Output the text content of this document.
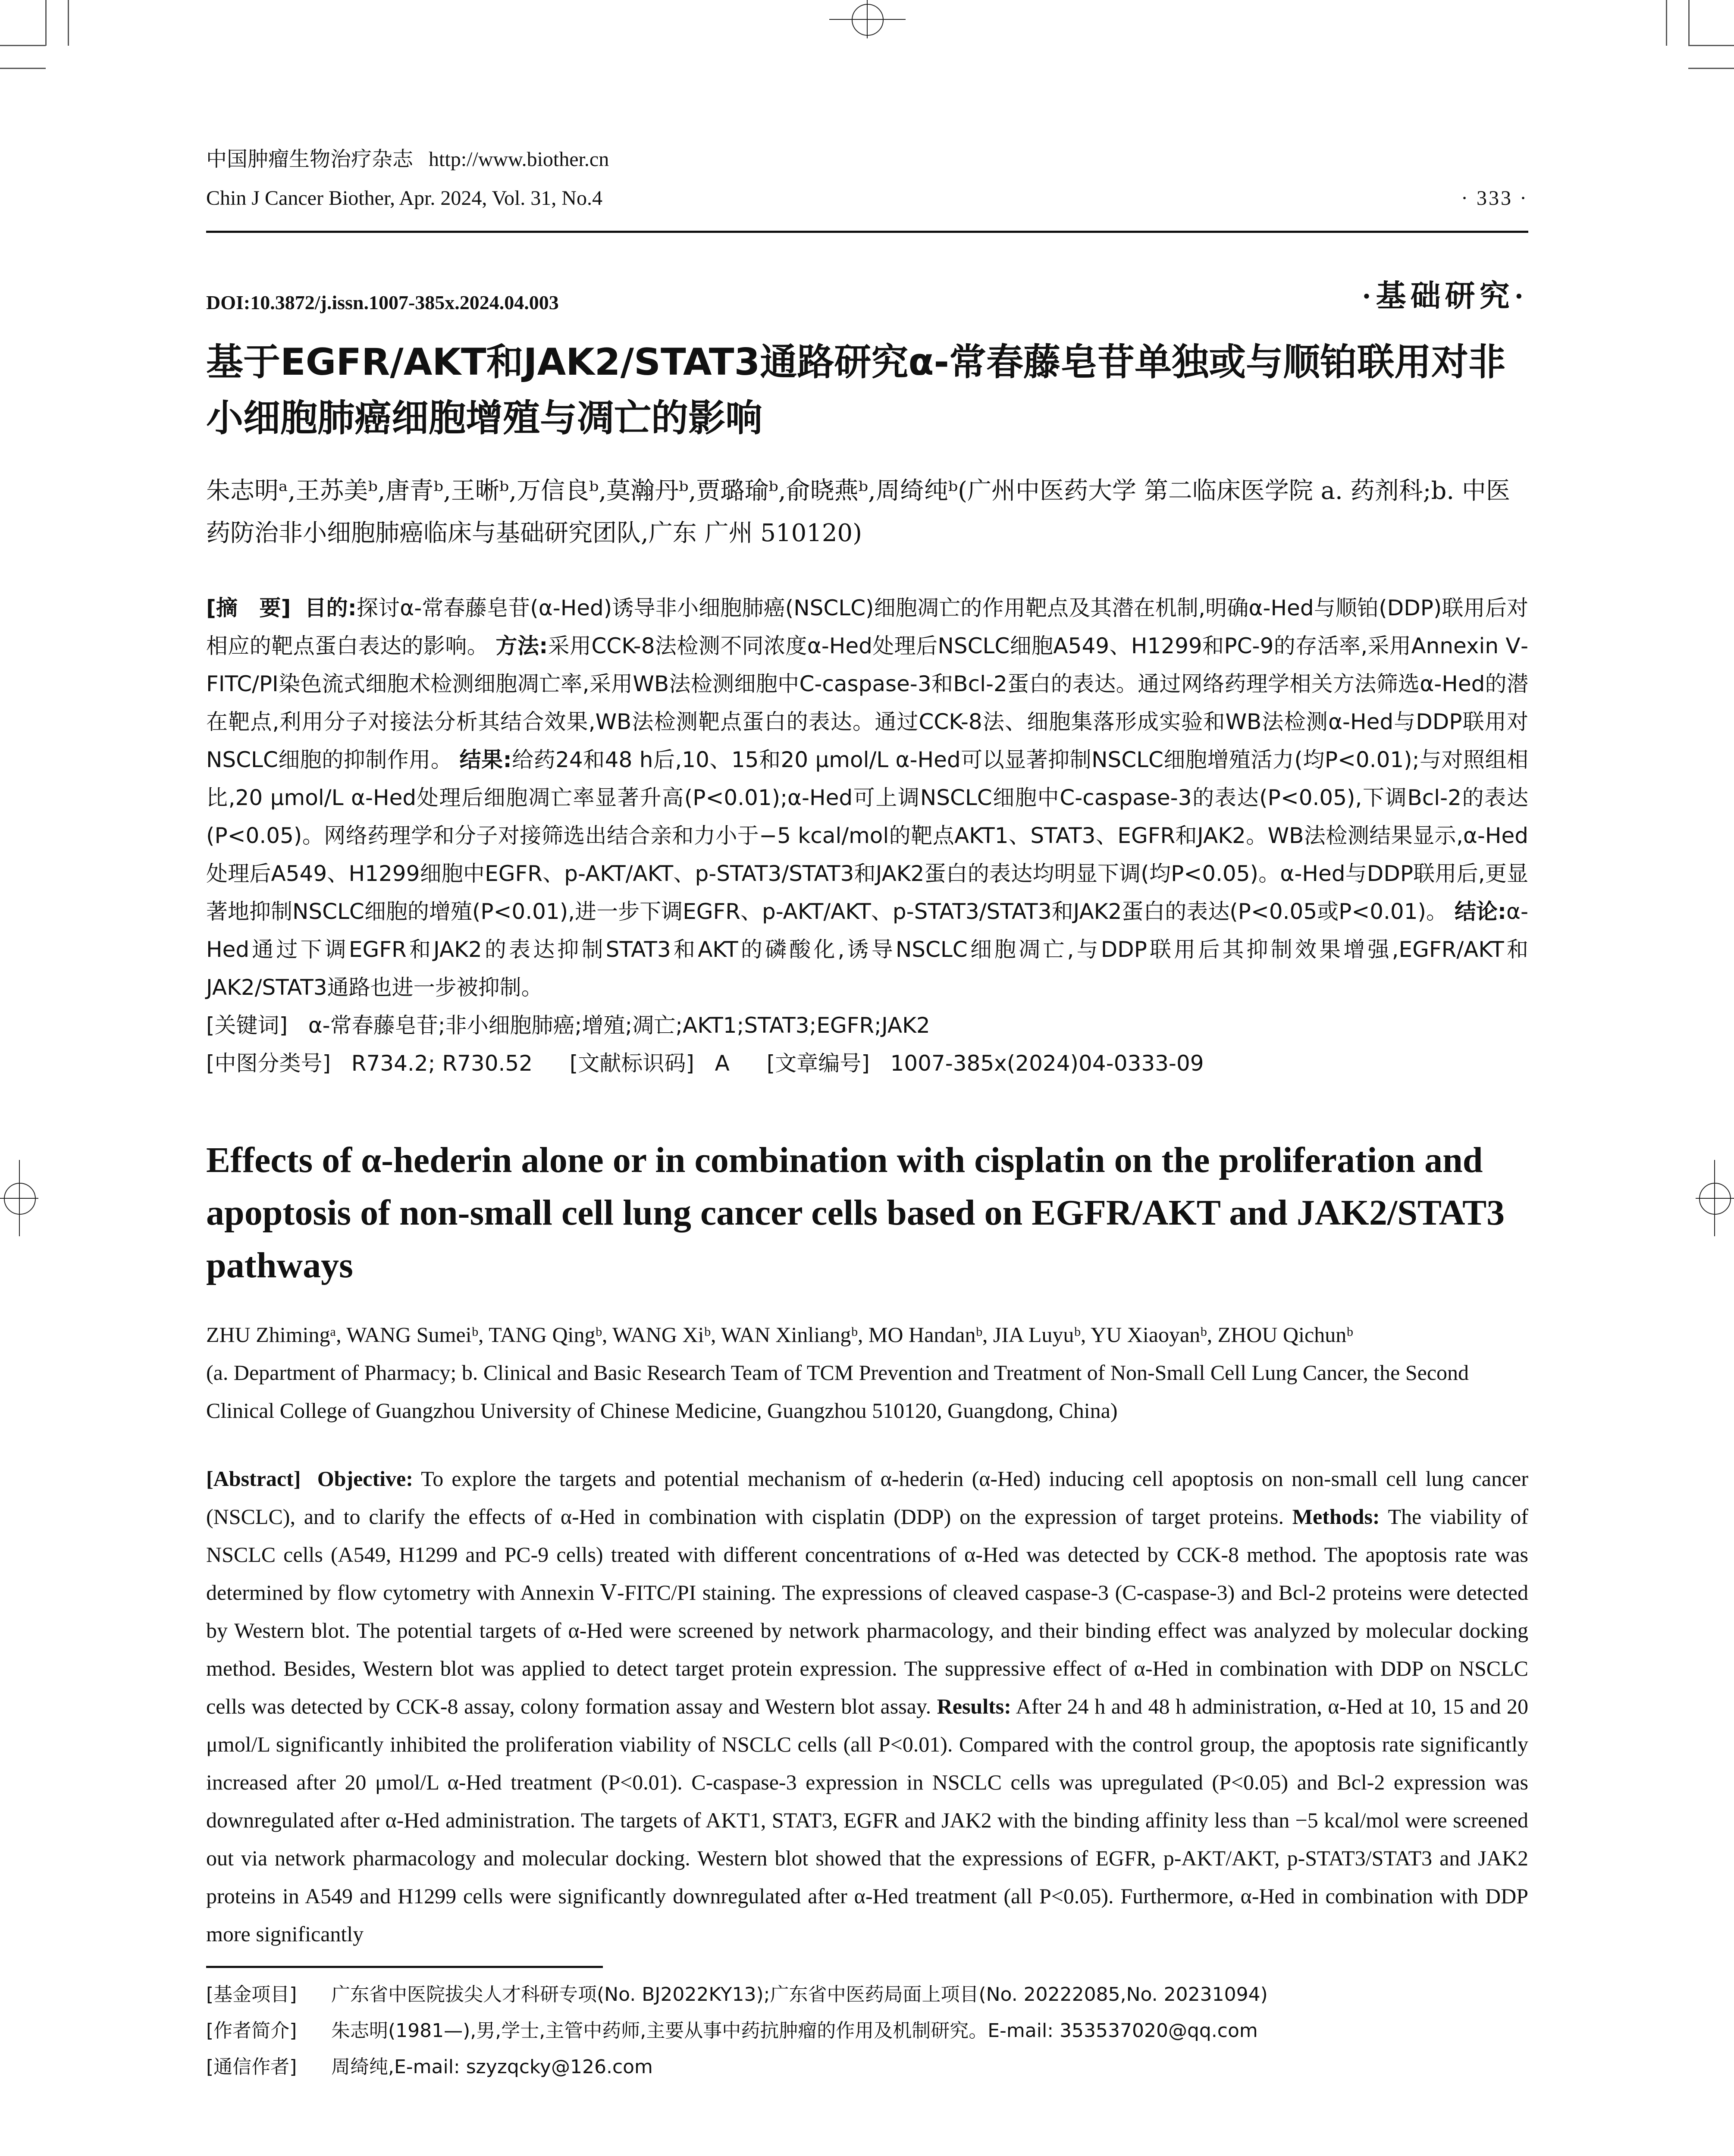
中国肿瘤生物治疗杂志 http://www.biother.cn
Chin J Cancer Biother, Apr. 2024, Vol. 31, No.4	· 333 ·
DOI:10.3872/j.issn.1007-385x.2024.04.003	·基础研究·
基于EGFR/AKT和JAK2/STAT3通路研究α-常春藤皂苷单独或与顺铂联用对非小细胞肺癌细胞增殖与凋亡的影响
朱志明ᵃ,王苏美ᵇ,唐青ᵇ,王晰ᵇ,万信良ᵇ,莫瀚丹ᵇ,贾璐瑜ᵇ,俞晓燕ᵇ,周绮纯ᵇ(广州中医药大学 第二临床医学院 a. 药剂科;b. 中医药防治非小细胞肺癌临床与基础研究团队,广东 广州 510120)
[摘　要] 目的:探讨α-常春藤皂苷(α-Hed)诱导非小细胞肺癌(NSCLC)细胞凋亡的作用靶点及其潜在机制,明确α-Hed与顺铂(DDP)联用后对相应的靶点蛋白表达的影响。 方法:采用CCK-8法检测不同浓度α-Hed处理后NSCLC细胞A549、H1299和PC-9的存活率,采用Annexin Ⅴ-FITC/PI染色流式细胞术检测细胞凋亡率,采用WB法检测细胞中C-caspase-3和Bcl-2蛋白的表达。通过网络药理学相关方法筛选α-Hed的潜在靶点,利用分子对接法分析其结合效果,WB法检测靶点蛋白的表达。通过CCK-8法、细胞集落形成实验和WB法检测α-Hed与DDP联用对NSCLC细胞的抑制作用。 结果:给药24和48 h后,10、15和20 μmol/L α-Hed可以显著抑制NSCLC细胞增殖活力(均P<0.01);与对照组相比,20 μmol/L α-Hed处理后细胞凋亡率显著升高(P<0.01);α-Hed可上调NSCLC细胞中C-caspase-3的表达(P<0.05),下调Bcl-2的表达(P<0.05)。网络药理学和分子对接筛选出结合亲和力小于−5 kcal/mol的靶点AKT1、STAT3、EGFR和JAK2。WB法检测结果显示,α-Hed处理后A549、H1299细胞中EGFR、p-AKT/AKT、p-STAT3/STAT3和JAK2蛋白的表达均明显下调(均P<0.05)。α-Hed与DDP联用后,更显著地抑制NSCLC细胞的增殖(P<0.01),进一步下调EGFR、p-AKT/AKT、p-STAT3/STAT3和JAK2蛋白的表达(P<0.05或P<0.01)。 结论:α-Hed通过下调EGFR和JAK2的表达抑制STAT3和AKT的磷酸化,诱导NSCLC细胞凋亡,与DDP联用后其抑制效果增强,EGFR/AKT和JAK2/STAT3通路也进一步被抑制。
[关键词] α-常春藤皂苷;非小细胞肺癌;增殖;凋亡;AKT1;STAT3;EGFR;JAK2
[中图分类号] R734.2; R730.52 [文献标识码] A [文章编号] 1007-385x(2024)04-0333-09
Effects of α-hederin alone or in combination with cisplatin on the proliferation and apoptosis of non-small cell lung cancer cells based on EGFR/AKT and JAK2/STAT3 pathways
ZHU Zhimingᵃ, WANG Sumeiᵇ, TANG Qingᵇ, WANG Xiᵇ, WAN Xinliangᵇ, MO Handanᵇ, JIA Luyuᵇ, YU Xiaoyanᵇ, ZHOU Qichunᵇ
(a. Department of Pharmacy; b. Clinical and Basic Research Team of TCM Prevention and Treatment of Non-Small Cell Lung Cancer, the Second Clinical College of Guangzhou University of Chinese Medicine, Guangzhou 510120, Guangdong, China)
[Abstract] Objective: To explore the targets and potential mechanism of α-hederin (α-Hed) inducing cell apoptosis on non-small cell lung cancer (NSCLC), and to clarify the effects of α-Hed in combination with cisplatin (DDP) on the expression of target proteins. Methods: The viability of NSCLC cells (A549, H1299 and PC-9 cells) treated with different concentrations of α-Hed was detected by CCK-8 method. The apoptosis rate was determined by flow cytometry with Annexin Ⅴ-FITC/PI staining. The expressions of cleaved caspase-3 (C-caspase-3) and Bcl-2 proteins were detected by Western blot. The potential targets of α-Hed were screened by network pharmacology, and their binding effect was analyzed by molecular docking method. Besides, Western blot was applied to detect target protein expression. The suppressive effect of α-Hed in combination with DDP on NSCLC cells was detected by CCK-8 assay, colony formation assay and Western blot assay. Results: After 24 h and 48 h administration, α-Hed at 10, 15 and 20 μmol/L significantly inhibited the proliferation viability of NSCLC cells (all P<0.01). Compared with the control group, the apoptosis rate significantly increased after 20 μmol/L α-Hed treatment (P<0.01). C-caspase-3 expression in NSCLC cells was upregulated (P<0.05) and Bcl-2 expression was downregulated after α-Hed administration. The targets of AKT1, STAT3, EGFR and JAK2 with the binding affinity less than −5 kcal/mol were screened out via network pharmacology and molecular docking. Western blot showed that the expressions of EGFR, p-AKT/AKT, p-STAT3/STAT3 and JAK2 proteins in A549 and H1299 cells were significantly downregulated after α-Hed treatment (all P<0.05). Furthermore, α-Hed in combination with DDP more significantly
[基金项目] 广东省中医院拔尖人才科研专项(No. BJ2022KY13);广东省中医药局面上项目(No. 20222085,No. 20231094)
[作者简介] 朱志明(1981—),男,学士,主管中药师,主要从事中药抗肿瘤的作用及机制研究。E-mail: 353537020@qq.com
[通信作者] 周绮纯,E-mail: szyzqcky@126.com
